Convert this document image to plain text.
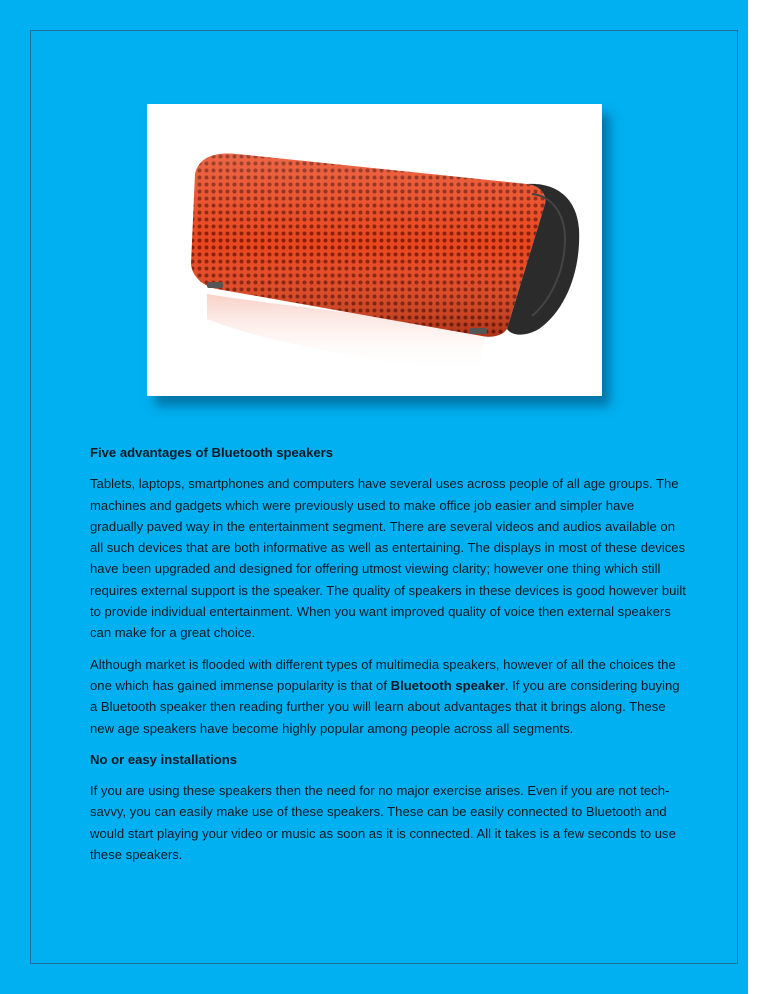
Five advantages of Bluetooth speakers

Tablets, laptops, smartphones and computers have several uses across people of all age groups. The machines and gadgets which were previously used to make office job easier and simpler have gradually paved way in the entertainment segment. There are several videos and audios available on all such devices that are both informative as well as entertaining. The displays in most of these devices have been upgraded and designed for offering utmost viewing clarity; however one thing which still requires external support is the speaker. The quality of speakers in these devices is good however built to provide individual entertainment. When you want improved quality of voice then external speakers can make for a great choice.

Although market is flooded with different types of multimedia speakers, however of all the choices the one which has gained immense popularity is that of Bluetooth speaker. If you are considering buying a Bluetooth speaker then reading further you will learn about advantages that it brings along. These new age speakers have become highly popular among people across all segments.

No or easy installations

If you are using these speakers then the need for no major exercise arises. Even if you are not tech-savvy, you can easily make use of these speakers. These can be easily connected to Bluetooth and would start playing your video or music as soon as it is connected. All it takes is a few seconds to use these speakers.
